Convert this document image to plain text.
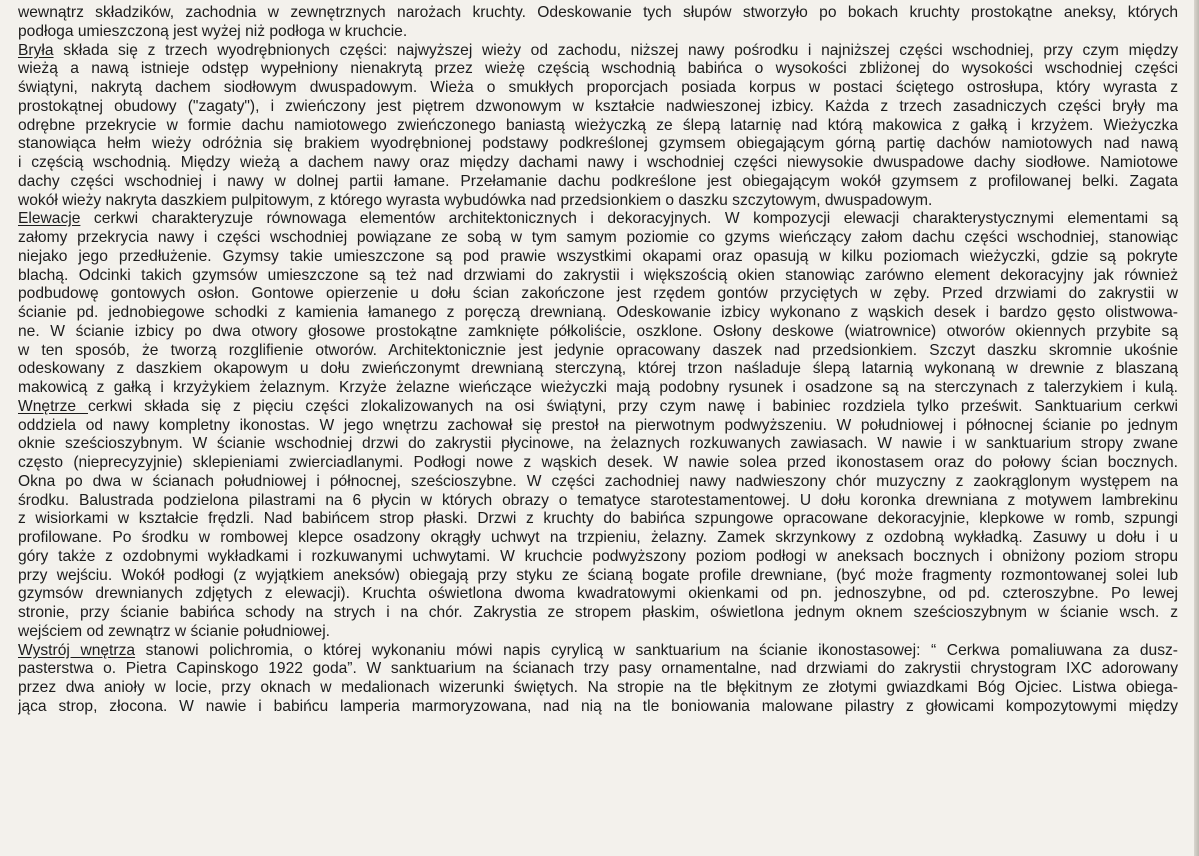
wewnątrz składzików, zachodnia w zewnętrznych narożach kruchty. Odeskowanie tych słupów stworzyło po bokach kruchty prostokątne aneksy, których
podłoga umieszczoną jest wyżej niż podłoga w kruchcie.
Bryła składa się z trzech wyodrębnionych części: najwyższej wieży od zachodu, niższej nawy pośrodku i najniższej części wschodniej, przy czym między
wieżą a nawą istnieje odstęp wypełniony nienakrytą przez wieżę częścią wschodnią babińca o wysokości zbliżonej do wysokości wschodniej części
świątyni, nakrytą dachem siodłowym dwuspadowym. Wieża o smukłych proporcjach posiada korpus w postaci ściętego ostrosłupa, który wyrasta z
prostokątnej obudowy ("zagaty"), i zwieńczony jest piętrem dzwonowym w kształcie nadwieszonej izbicy. Każda z trzech zasadniczych części bryły ma
odrębne przekrycie w formie dachu namiotowego zwieńczonego baniastą wieżyczką ze ślepą latarnię nad którą makowica z gałką i krzyżem. Wieżyczka
stanowiąca hełm wieży odróżnia się brakiem wyodrębnionej podstawy podkreślonej gzymsem obiegającym górną partię dachów namiotowych nad nawą
i częścią wschodnią. Między wieżą a dachem nawy oraz między dachami nawy i wschodniej części niewysokie dwuspadowe dachy siodłowe. Namiotowe
dachy części wschodniej i nawy w dolnej partii łamane. Przełamanie dachu podkreślone jest obiegającym wokół gzymsem z profilowanej belki. Zagata
wokół wieży nakryta daszkiem pulpitowym, z którego wyrasta wybudówka nad przedsionkiem o daszku szczytowym, dwuspadowym.
Elewacje cerkwi charakteryzuje równowaga elementów architektonicznych i dekoracyjnych. W kompozycji elewacji charakterystycznymi elementami są
załomy przekrycia nawy i części wschodniej powiązane ze sobą w tym samym poziomie co gzyms wieńczący załom dachu części wschodniej, stanowiąc
niejako jego przedłużenie. Gzymsy takie umieszczone są pod prawie wszystkimi okapami oraz opasują w kilku poziomach wieżyczki, gdzie są pokryte
blachą. Odcinki takich gzymsów umieszczone są też nad drzwiami do zakrystii i większością okien stanowiąc zarówno element dekoracyjny jak również
podbudowę gontowych osłon. Gontowe opierzenie u dołu ścian zakończone jest rzędem gontów przyciętych w zęby. Przed drzwiami do zakrystii w
ścianie pd. jednobiegowe schodki z kamienia łamanego z poręczą drewnianą. Odeskowanie izbicy wykonano z wąskich desek i bardzo gęsto olistwowa-
ne. W ścianie izbicy po dwa otwory głosowe prostokątne zamknięte półkoliście, oszklone. Osłony deskowe (wiatrownice) otworów okiennych przybite są
w ten sposób, że tworzą rozglifienie otworów. Architektonicznie jest jedynie opracowany daszek nad przedsionkiem. Szczyt daszku skromnie ukośnie
odeskowany z daszkiem okapowym u dołu zwieńczonymt drewnianą sterczyną, której trzon naśladuje ślepą latarnią wykonaną w drewnie z blaszaną
makowicą z gałką i krzyżykiem żelaznym. Krzyże żelazne wieńczące wieżyczki mają podobny rysunek i osadzone są na sterczynach z talerzykiem i kulą.
Wnętrze cerkwi składa się z pięciu części zlokalizowanych na osi świątyni, przy czym nawę i babiniec rozdziela tylko prześwit. Sanktuarium cerkwi
oddziela od nawy kompletny ikonostas. W jego wnętrzu zachował się prestoł na pierwotnym podwyższeniu. W południowej i północnej ścianie po jednym
oknie sześcioszybnym. W ścianie wschodniej drzwi do zakrystii płycinowe, na żelaznych rozkuwanych zawiasach. W nawie i w sanktuarium stropy zwane
często (nieprecyzyjnie) sklepieniami zwierciadlanymi. Podłogi nowe z wąskich desek. W nawie solea przed ikonostasem oraz do połowy ścian bocznych.
Okna po dwa w ścianach południowej i północnej, sześcioszybne. W części zachodniej nawy nadwieszony chór muzyczny z zaokrąglonym występem na
środku. Balustrada podzielona pilastrami na 6 płycin w których obrazy o tematyce starotestamentowej. U dołu koronka drewniana z motywem lambrekinu
z wisiorkami w kształcie frędzli. Nad babińcem strop płaski. Drzwi z kruchty do babińca szpungowe opracowane dekoracyjnie, klepkowe w romb, szpungi
profilowane. Po środku w rombowej klepce osadzony okrągły uchwyt na trzpieniu, żelazny. Zamek skrzynkowy z ozdobną wykładką. Zasuwy u dołu i u
góry także z ozdobnymi wykładkami i rozkuwanymi uchwytami. W kruchcie podwyższony poziom podłogi w aneksach bocznych i obniżony poziom stropu
przy wejściu. Wokół podłogi (z wyjątkiem aneksów) obiegają przy styku ze ścianą bogate profile drewniane, (być może fragmenty rozmontowanej solei lub
gzymsów drewnianych zdjętych z elewacji). Kruchta oświetlona dwoma kwadratowymi okienkami od pn. jednoszybne, od pd. czteroszybne. Po lewej
stronie, przy ścianie babińca schody na strych i na chór. Zakrystia ze stropem płaskim, oświetlona jednym oknem sześcioszybnym w ścianie wsch. z
wejściem od zewnątrz w ścianie południowej.
Wystrój wnętrza stanowi polichromia, o której wykonaniu mówi napis cyrylicą w sanktuarium na ścianie ikonostasowej: “ Cerkwa pomaliuwana za dusz-
pasterstwa o. Pietra Capinskogo 1922 goda”. W sanktuarium na ścianach trzy pasy ornamentalne, nad drzwiami do zakrystii chrystogram IXC adorowany
przez dwa anioły w locie, przy oknach w medalionach wizerunki świętych. Na stropie na tle błękitnym ze złotymi gwiazdkami Bóg Ojciec. Listwa obiega-
jąca strop, złocona. W nawie i babińcu lamperia marmoryzowana, nad nią na tle boniowania malowane pilastry z głowicami kompozytowymi między
